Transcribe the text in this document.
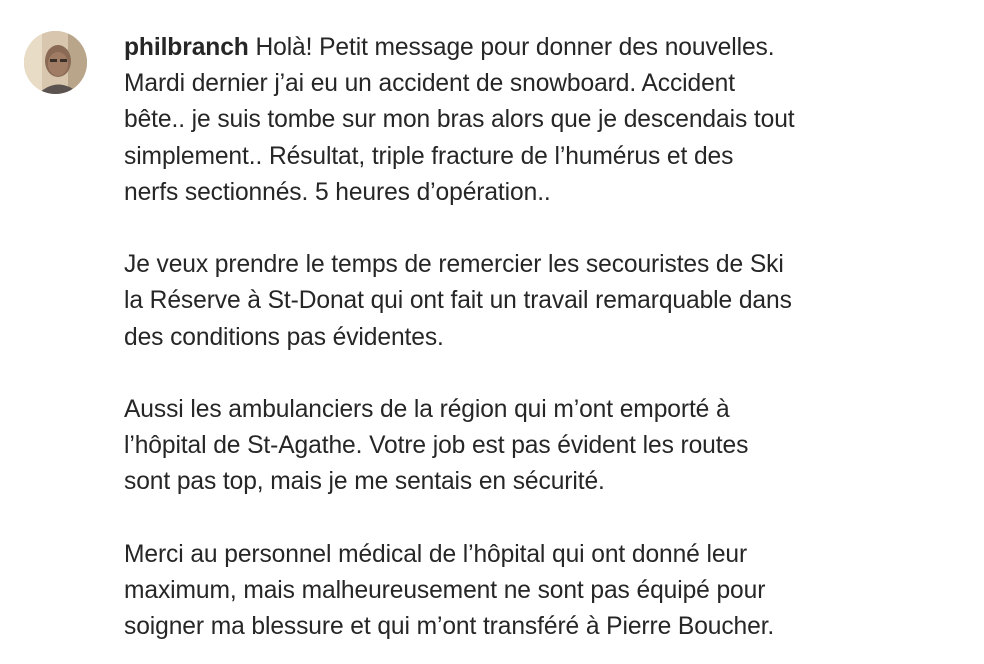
philbranch Holà! Petit message pour donner des nouvelles.
Mardi dernier j’ai eu un accident de snowboard. Accident
bête.. je suis tombe sur mon bras alors que je descendais tout
simplement.. Résultat, triple fracture de l’humérus et des
nerfs sectionnés. 5 heures d’opération..

Je veux prendre le temps de remercier les secouristes de Ski
la Réserve à St-Donat qui ont fait un travail remarquable dans
des conditions pas évidentes.

Aussi les ambulanciers de la région qui m’ont emporté à
l’hôpital de St-Agathe. Votre job est pas évident les routes
sont pas top, mais je me sentais en sécurité.

Merci au personnel médical de l’hôpital qui ont donné leur
maximum, mais malheureusement ne sont pas équipé pour
soigner ma blessure et qui m’ont transféré à Pierre Boucher.
